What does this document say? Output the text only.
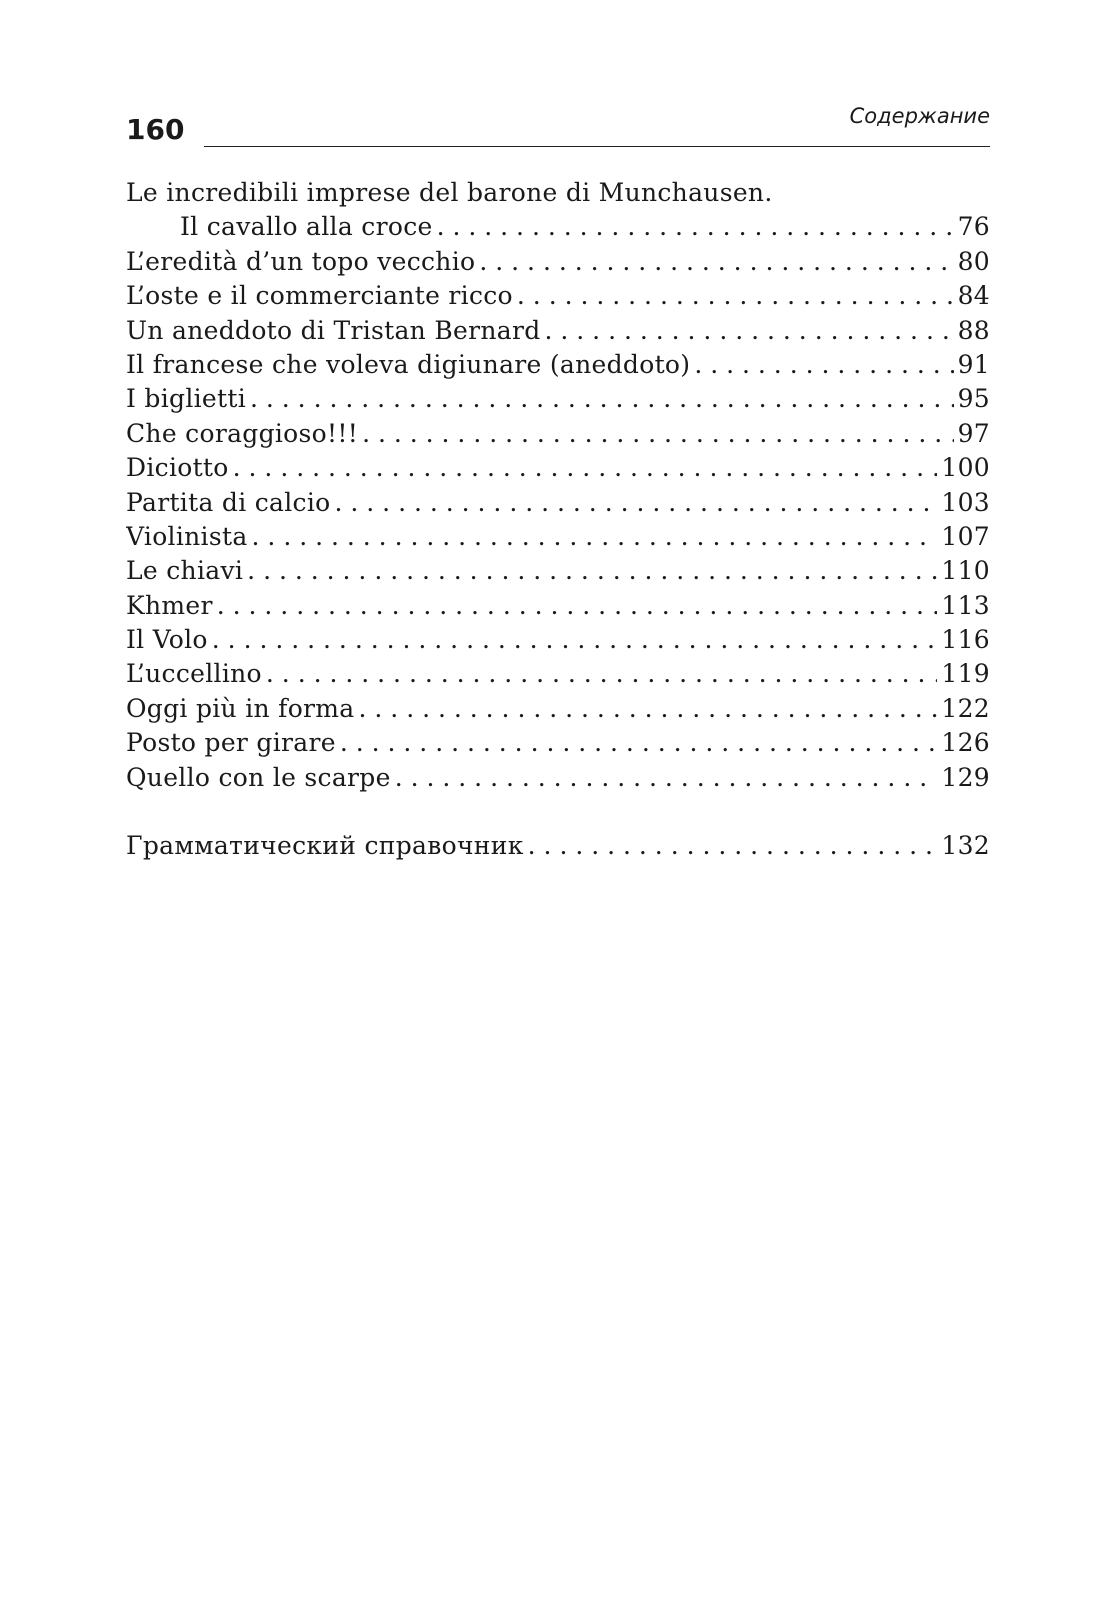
160	Содержание
Le incredibili imprese del barone di Munchausen.
Il cavallo alla croce . . .	76
L’eredità d’un topo vecchio . . .	80
L’oste e il commerciante ricco . . .	84
Un aneddoto di Tristan Bernard . . .	88
Il francese che voleva digiunare (aneddoto) . . .	91
I biglietti . . .	95
Che coraggioso!!! . . .	97
Diciotto . . .	100
Partita di calcio . . .	103
Violinista . . .	107
Le chiavi . . .	110
Khmer . . .	113
Il Volo . . .	116
L’uccellino . . .	119
Oggi più in forma . . .	122
Posto per girare . . .	126
Quello con le scarpe . . .	129
Грамматический справочник . . .	132
